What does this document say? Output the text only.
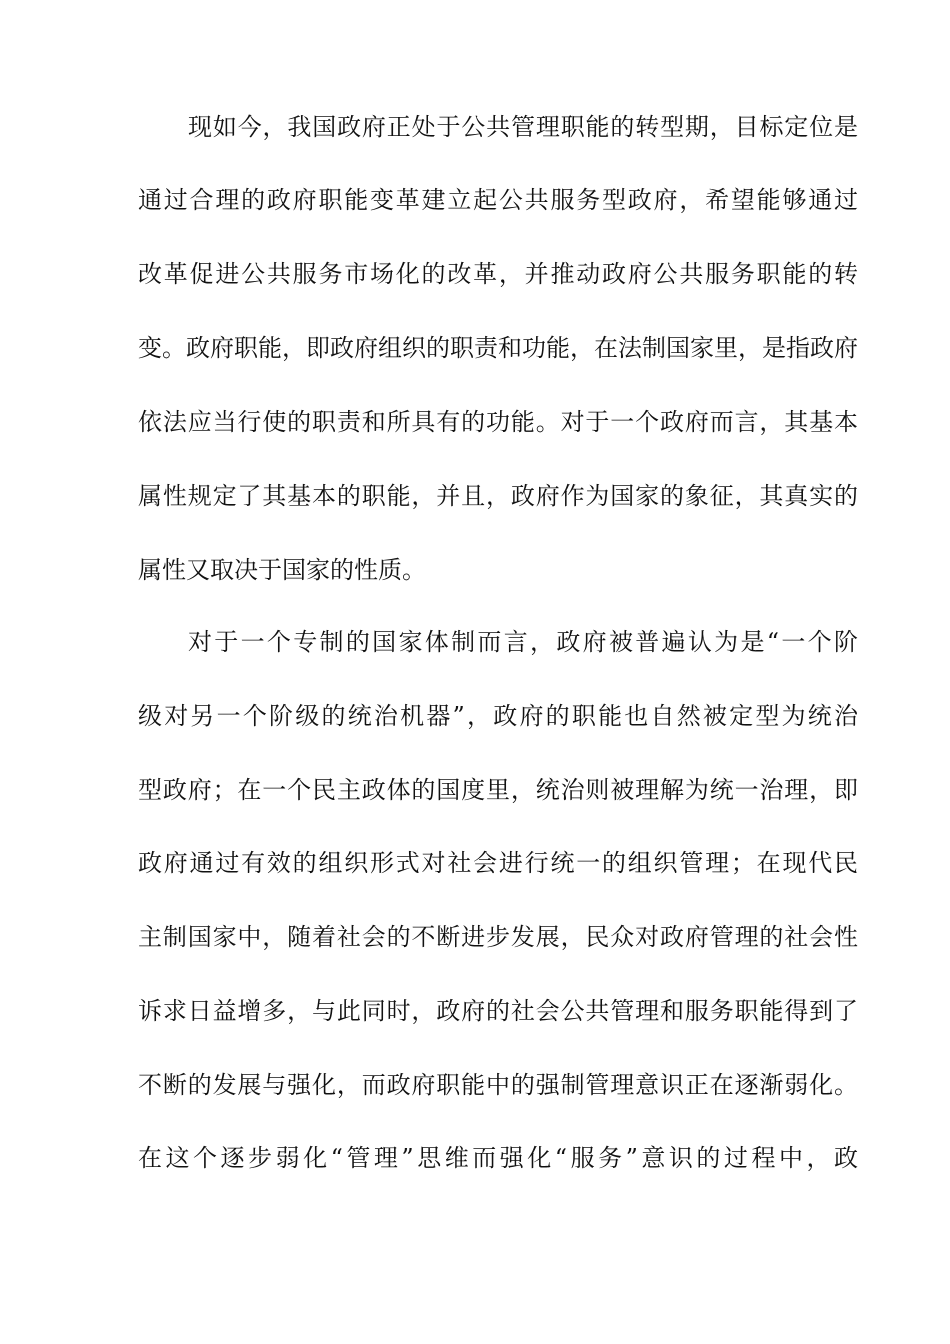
现如今，我国政府正处于公共管理职能的转型期，目标定位是
通过合理的政府职能变革建立起公共服务型政府，希望能够通过
改革促进公共服务市场化的改革，并推动政府公共服务职能的转
变。政府职能，即政府组织的职责和功能，在法制国家里，是指政府
依法应当行使的职责和所具有的功能。对于一个政府而言，其基本
属性规定了其基本的职能，并且，政府作为国家的象征，其真实的
属性又取决于国家的性质。
对于一个专制的国家体制而言，政府被普遍认为是“一个阶
级对另一个阶级的统治机器”，政府的职能也自然被定型为统治
型政府；在一个民主政体的国度里，统治则被理解为统一治理，即
政府通过有效的组织形式对社会进行统一的组织管理；在现代民
主制国家中，随着社会的不断进步发展，民众对政府管理的社会性
诉求日益增多，与此同时，政府的社会公共管理和服务职能得到了
不断的发展与强化，而政府职能中的强制管理意识正在逐渐弱化。
在这个逐步弱化“管理”思维而强化“服务”意识的过程中，政
